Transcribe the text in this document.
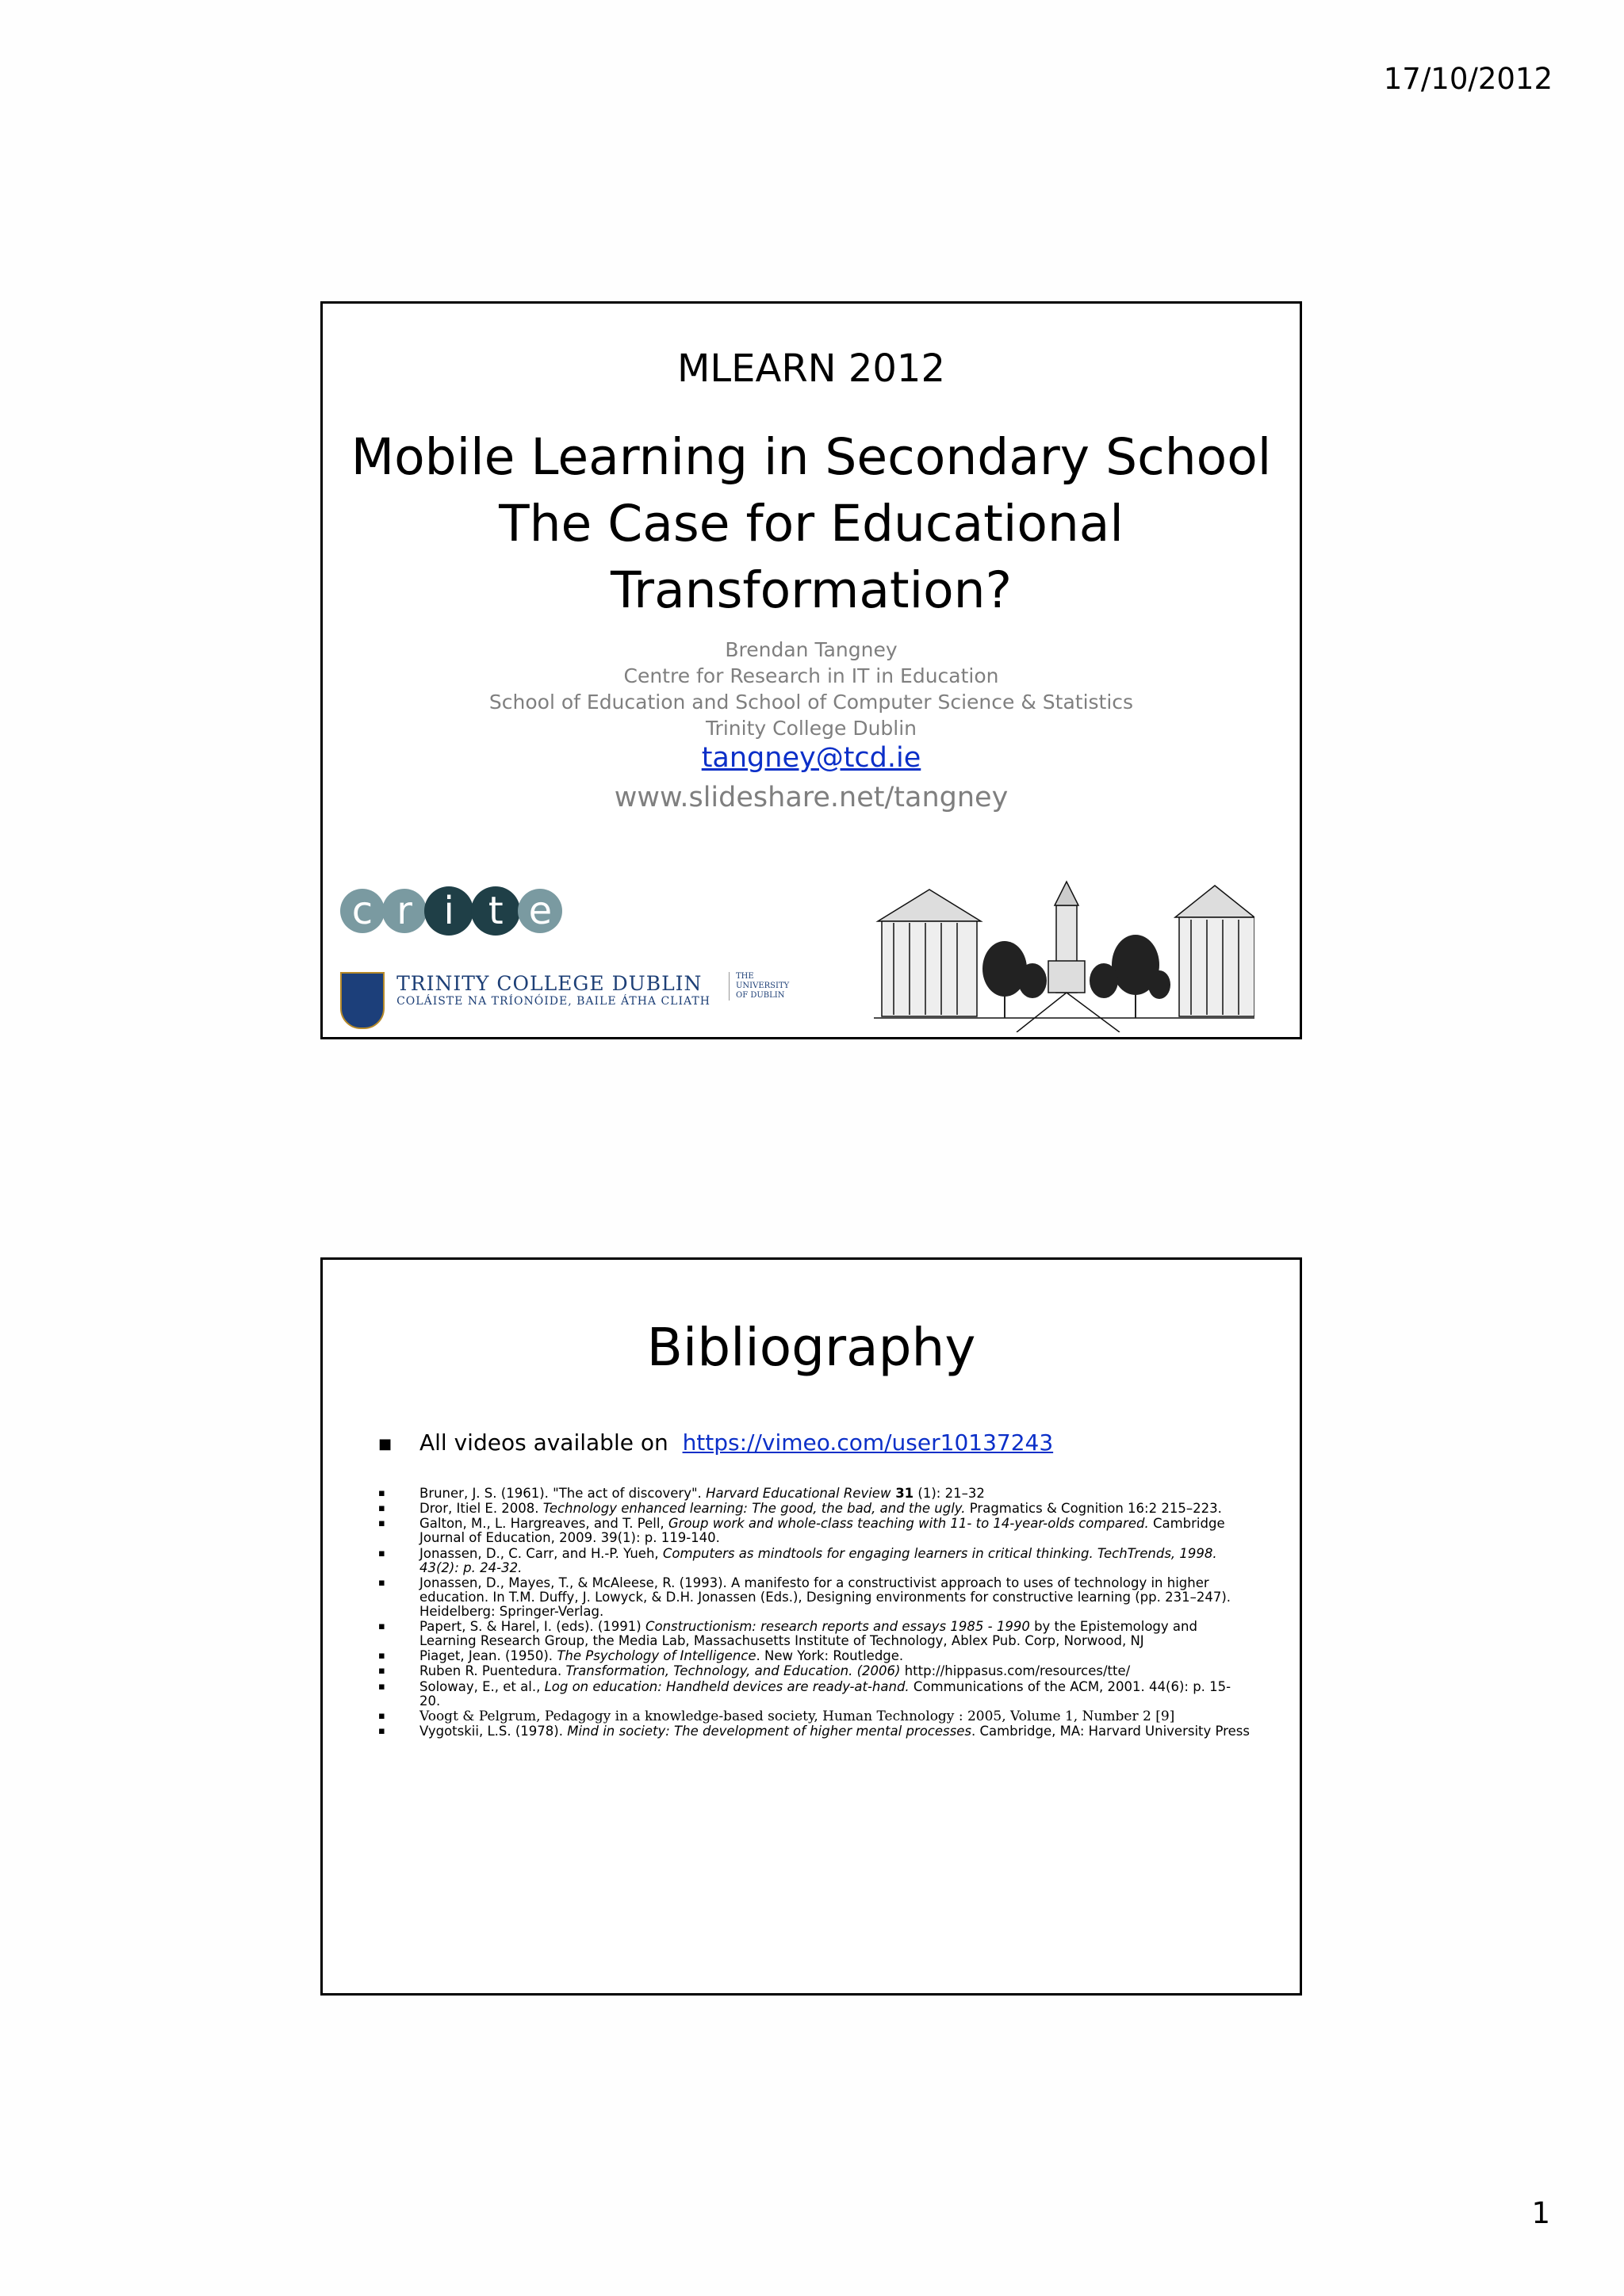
17/10/2012
MLEARN 2012
Mobile Learning in Secondary School
The Case for Educational
Transformation?
Brendan Tangney
Centre for Research in IT in Education
School of Education and School of Computer Science & Statistics
Trinity College Dublin
tangney@tcd.ie
www.slideshare.net/tangney
c r i t e

TRINITY COLLEGE DUBLIN
COLÁISTE NA TRÍONÓIDE, BAILE ÁTHA CLIATH

THE
UNIVERSITY
OF DUBLIN
Bibliography
■ All videos available on https://vimeo.com/user10137243
▪ Bruner, J. S. (1961). "The act of discovery". Harvard Educational Review 31 (1): 21–32
▪ Dror, Itiel E. 2008. Technology enhanced learning: The good, the bad, and the ugly. Pragmatics & Cognition 16:2 215–223.
▪ Galton, M., L. Hargreaves, and T. Pell, Group work and whole-class teaching with 11- to 14-year-olds compared. Cambridge Journal of Education, 2009. 39(1): p. 119-140.
▪ Jonassen, D., C. Carr, and H.-P. Yueh, Computers as mindtools for engaging learners in critical thinking. TechTrends, 1998. 43(2): p. 24-32.
▪ Jonassen, D., Mayes, T., & McAleese, R. (1993). A manifesto for a constructivist approach to uses of technology in higher education. In T.M. Duffy, J. Lowyck, & D.H. Jonassen (Eds.), Designing environments for constructive learning (pp. 231–247). Heidelberg: Springer-Verlag.
▪ Papert, S. & Harel, I. (eds). (1991) Constructionism: research reports and essays 1985 - 1990 by the Epistemology and Learning Research Group, the Media Lab, Massachusetts Institute of Technology, Ablex Pub. Corp, Norwood, NJ
▪ Piaget, Jean. (1950). The Psychology of Intelligence. New York: Routledge.
▪ Ruben R. Puentedura. Transformation, Technology, and Education. (2006) http://hippasus.com/resources/tte/
▪ Soloway, E., et al., Log on education: Handheld devices are ready-at-hand. Communications of the ACM, 2001. 44(6): p. 15-20.
▪ Voogt & Pelgrum, Pedagogy in a knowledge-based society, Human Technology : 2005, Volume 1, Number 2 [9]
▪ Vygotskii, L.S. (1978). Mind in society: The development of higher mental processes. Cambridge, MA: Harvard University Press
1
